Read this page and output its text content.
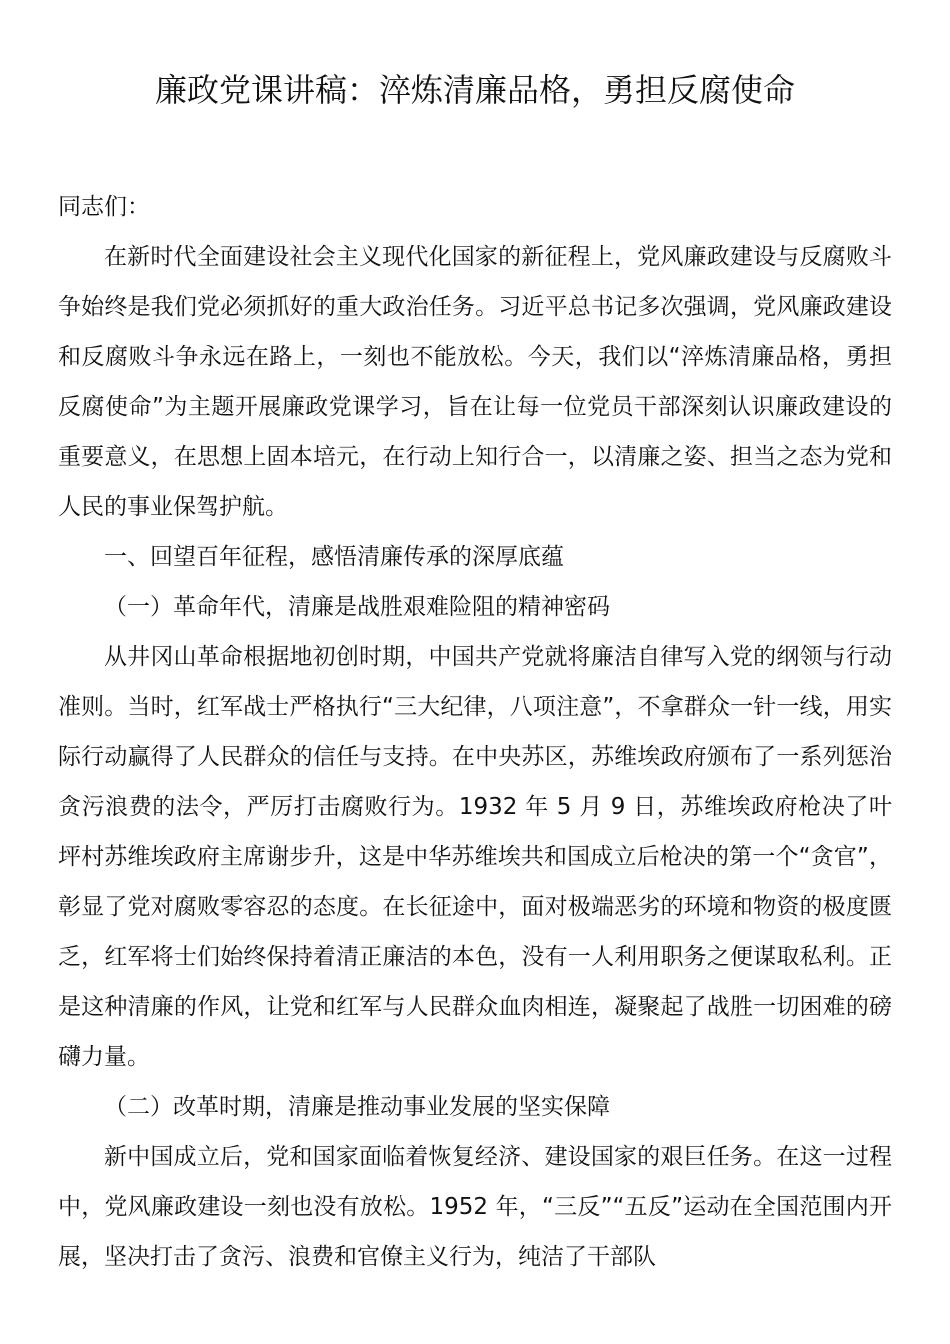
廉政党课讲稿：淬炼清廉品格，勇担反腐使命

同志们：

在新时代全面建设社会主义现代化国家的新征程上，党风廉政建设与反腐败斗争始终是我们党必须抓好的重大政治任务。习近平总书记多次强调，党风廉政建设和反腐败斗争永远在路上，一刻也不能放松。今天，我们以“淬炼清廉品格，勇担反腐使命”为主题开展廉政党课学习，旨在让每一位党员干部深刻认识廉政建设的重要意义，在思想上固本培元，在行动上知行合一，以清廉之姿、担当之态为党和人民的事业保驾护航。

一、回望百年征程，感悟清廉传承的深厚底蕴

（一）革命年代，清廉是战胜艰难险阻的精神密码

从井冈山革命根据地初创时期，中国共产党就将廉洁自律写入党的纲领与行动准则。当时，红军战士严格执行“三大纪律，八项注意”，不拿群众一针一线，用实际行动赢得了人民群众的信任与支持。在中央苏区，苏维埃政府颁布了一系列惩治贪污浪费的法令，严厉打击腐败行为。1932 年 5 月 9 日，苏维埃政府枪决了叶坪村苏维埃政府主席谢步升，这是中华苏维埃共和国成立后枪决的第一个“贪官”，彰显了党对腐败零容忍的态度。在长征途中，面对极端恶劣的环境和物资的极度匮乏，红军将士们始终保持着清正廉洁的本色，没有一人利用职务之便谋取私利。正是这种清廉的作风，让党和红军与人民群众血肉相连，凝聚起了战胜一切困难的磅礴力量。

（二）改革时期，清廉是推动事业发展的坚实保障

新中国成立后，党和国家面临着恢复经济、建设国家的艰巨任务。在这一过程中，党风廉政建设一刻也没有放松。1952 年，“三反”“五反”运动在全国范围内开展，坚决打击了贪污、浪费和官僚主义行为，纯洁了干部队
